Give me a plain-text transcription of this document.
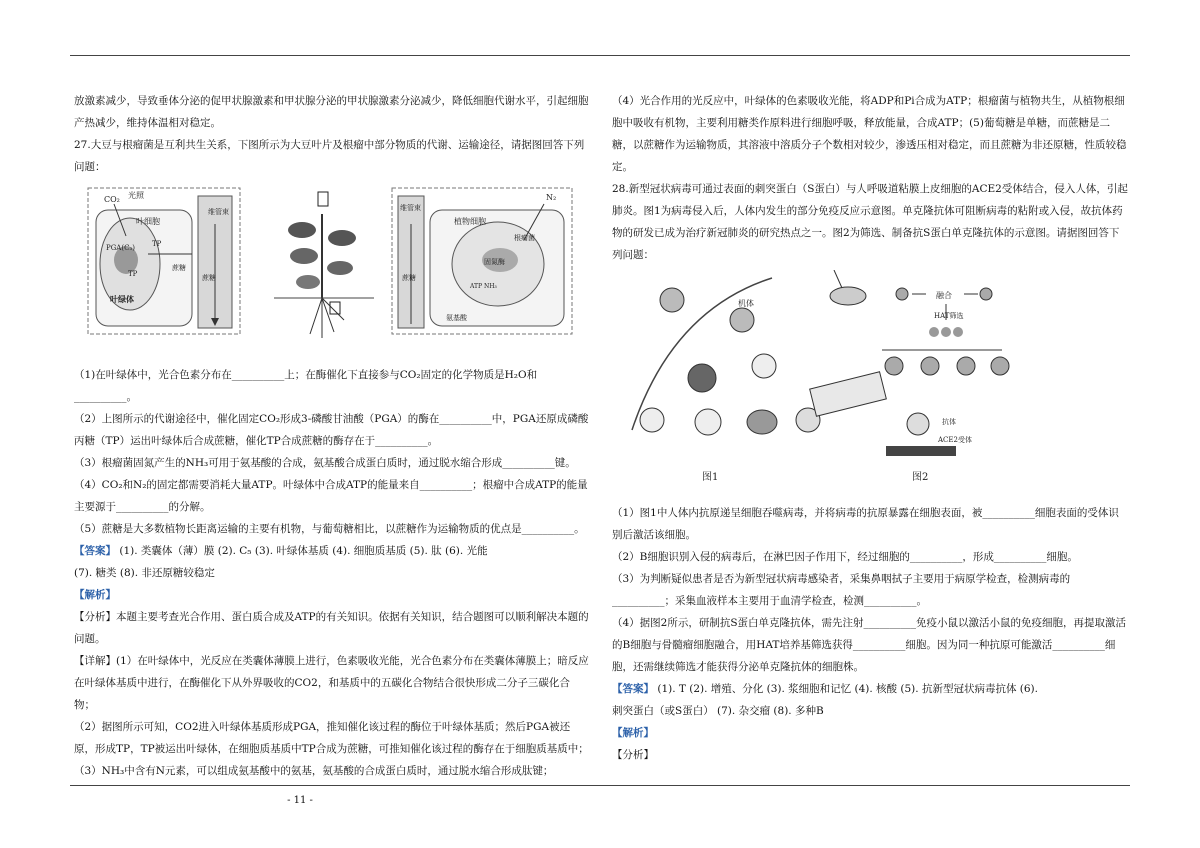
放激素减少，导致垂体分泌的促甲状腺激素和甲状腺分泌的甲状腺激素分泌减少，降低细胞代谢水平，引起细胞产热减少，维持体温相对稳定。

27.大豆与根瘤菌是互利共生关系，下图所示为大豆叶片及根瘤中部分物质的代谢、运输途径，请据图回答下列问题：

CO₂ 光照
叶细胞
PGA(C₃) TP
TP
蔗糖
叶绿体
维管束
蔗糖
维管束
植物细胞
根瘤菌
固氮酶
N₂
ATP NH₃
蔗糖
氨基酸

（1)在叶绿体中，光合色素分布在__________上；在酶催化下直接参与CO₂固定的化学物质是H₂O和__________。

（2）上图所示的代谢途径中，催化固定CO₂形成3-磷酸甘油酸（PGA）的酶在__________中，PGA还原成磷酸丙糖（TP）运出叶绿体后合成蔗糖，催化TP合成蔗糖的酶存在于__________。

（3）根瘤菌固氮产生的NH₃可用于氨基酸的合成，氨基酸合成蛋白质时，通过脱水缩合形成__________键。

（4）CO₂和N₂的固定都需要消耗大量ATP。叶绿体中合成ATP的能量来自__________；根瘤中合成ATP的能量主要源于__________的分解。

（5）蔗糖是大多数植物长距离运输的主要有机物，与葡萄糖相比，以蔗糖作为运输物质的优点是__________。

【答案】 (1). 类囊体（薄）膜 (2). C₅ (3). 叶绿体基质 (4). 细胞质基质 (5). 肽 (6). 光能

(7). 糖类 (8). 非还原糖较稳定

【解析】

【分析】本题主要考查光合作用、蛋白质合成及ATP的有关知识。依据有关知识，结合题图可以顺利解决本题的问题。

【详解】(1）在叶绿体中，光反应在类囊体薄膜上进行，色素吸收光能，光合色素分布在类囊体薄膜上；暗反应在叶绿体基质中进行，在酶催化下从外界吸收的CO2，和基质中的五碳化合物结合很快形成二分子三碳化合物；

（2）据图所示可知，CO2进入叶绿体基质形成PGA，推知催化该过程的酶位于叶绿体基质；然后PGA被还原，形成TP，TP被运出叶绿体，在细胞质基质中TP合成为蔗糖，可推知催化该过程的酶存在于细胞质基质中；

（3）NH₃中含有N元素，可以组成氨基酸中的氨基，氨基酸的合成蛋白质时，通过脱水缩合形成肽键；

（4）光合作用的光反应中，叶绿体的色素吸收光能，将ADP和Pi合成为ATP；根瘤菌与植物共生，从植物根细胞中吸收有机物，主要利用糖类作原料进行细胞呼吸，释放能量，合成ATP；(5)葡萄糖是单糖，而蔗糖是二糖，以蔗糖作为运输物质，其溶液中溶质分子个数相对较少，渗透压相对稳定，而且蔗糖为非还原糖，性质较稳定。

28.新型冠状病毒可通过表面的刺突蛋白（S蛋白）与人呼吸道粘膜上皮细胞的ACE2受体结合，侵入人体，引起肺炎。图1为病毒侵入后，人体内发生的部分免疫反应示意图。单克隆抗体可阻断病毒的粘附或入侵，故抗体药物的研发已成为治疗新冠肺炎的研究热点之一。图2为筛选、制备抗S蛋白单克隆抗体的示意图。请据图回答下列问题：

机体
图1
融合
HAT筛选
抗体
ACE2受体
图2

（1）图1中人体内抗原递呈细胞吞噬病毒，并将病毒的抗原暴露在细胞表面，被__________细胞表面的受体识别后激活该细胞。

（2）B细胞识别入侵的病毒后，在淋巴因子作用下，经过细胞的__________，形成__________细胞。

（3）为判断疑似患者是否为新型冠状病毒感染者，采集鼻咽拭子主要用于病原学检查，检测病毒的__________；采集血液样本主要用于血清学检查，检测__________。

（4）据图2所示，研制抗S蛋白单克隆抗体，需先注射__________免疫小鼠以激活小鼠的免疫细胞，再提取激活的B细胞与骨髓瘤细胞融合，用HAT培养基筛选获得__________细胞。因为同一种抗原可能激活__________细胞，还需继续筛选才能获得分泌单克隆抗体的细胞株。

【答案】 (1). T (2). 增殖、分化 (3). 浆细胞和记忆 (4). 核酸 (5). 抗新型冠状病毒抗体 (6).

刺突蛋白（或S蛋白） (7). 杂交瘤 (8). 多种B

【解析】

【分析】

- 11 -
